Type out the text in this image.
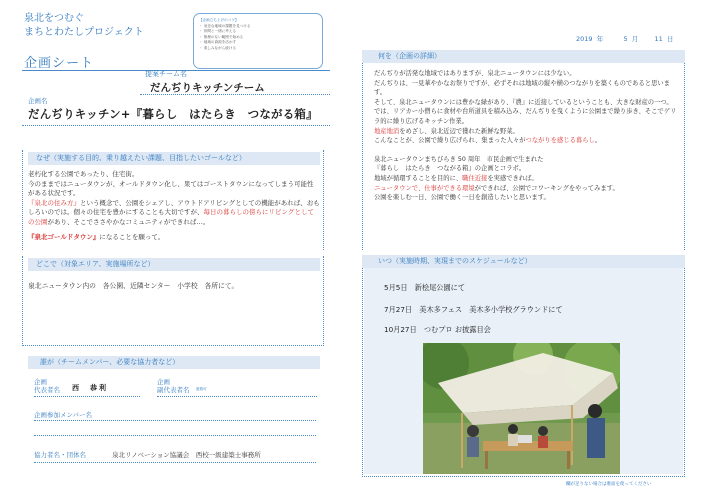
泉北をつむぐ
まちとわたしプロジェクト
企画シート
【企画立ち上げのコツ】
・ 身近な地域の課題を見つける
・ 仲間と一緒に考える
・ 無理のない範囲で始める
・ 地域の資源を活かす
・ 楽しみながら続ける
提案チーム名
だんぢりキッチンチーム
企画名
だんぢりキッチン+『暮らし　はたらき　つながる箱』
なぜ（実施する目的、乗り越えたい課題、目指したいゴールなど）
老朽化する公園であったり、住宅街。
今のままではニュータウンが、オールドタウン化し、果てはゴーストタウンになってしまう可能性がある状況です。
『泉北の住み方』という概念で、公園をシェアし、アウトドアリビングとしての機能があれば、おもしろいのでは。個々の住宅を豊かにすることも大切ですが、毎日の暮らしの傍らにリビングとしての公園があり、そこでささやかなコミュニティができれば…。
『泉北ゴールドタウン』になることを願って。
どこで（対象エリア、実施場所など）
泉北ニュータウン内の　各公園、近隣センター　小学校　各所にて。
誰が（チームメンバー、必要な協力者など）
企画
代表者名 西　恭利
企画
副代表者名 複数可
企画参加メンバー名
協力者名・団体名	泉北リノベーション協議会　西校一級建築士事務所
2019 年	5 月	11 日
何を（企画の詳細）
だんぢりが活発な地域ではありますが、泉北ニュータウンには少ない。
だんぢりは、一見華やかなお祭りですが、必ずそれは地域の縦や横のつながりを築くものであると思います。
そして、泉北ニュータウンには豊かな緑があり、『農』に近接しているということも、大きな財産の一つ。では、リアカー小僧らに食材や台所道具を積み込み、だんぢりを曳くように公園まで繰り歩き、そこでゲリラ的に繰り広げるキッチン作業。
地産地消をめざし、泉北近辺で獲れた新鮮な野菜。
こんなことが、公園で繰り広げられ、集まった人々がつながりを感じる暮らし。
泉北ニュータウンまちびらき 50 周年　市民企画で生まれた
『暮らし　はたらき　つながる箱』の企画とコラボ。
地域が循環することを目的に、職住近接を実感できれば。
ニュータウンで、仕事ができる環境ができれば、公園でコワーキングをやってみます。
公園を楽しむ一日、公園で働く一日を創造したいと思います。
いつ（実施時期、実現までのスケジュールなど）
5月5日　新桧尾公園にて
7月27日　美木多フェス　美木多小学校グラウンドにて
10月27日　つむプロ お披露目会
欄が足りない場合は裏面を使ってください
